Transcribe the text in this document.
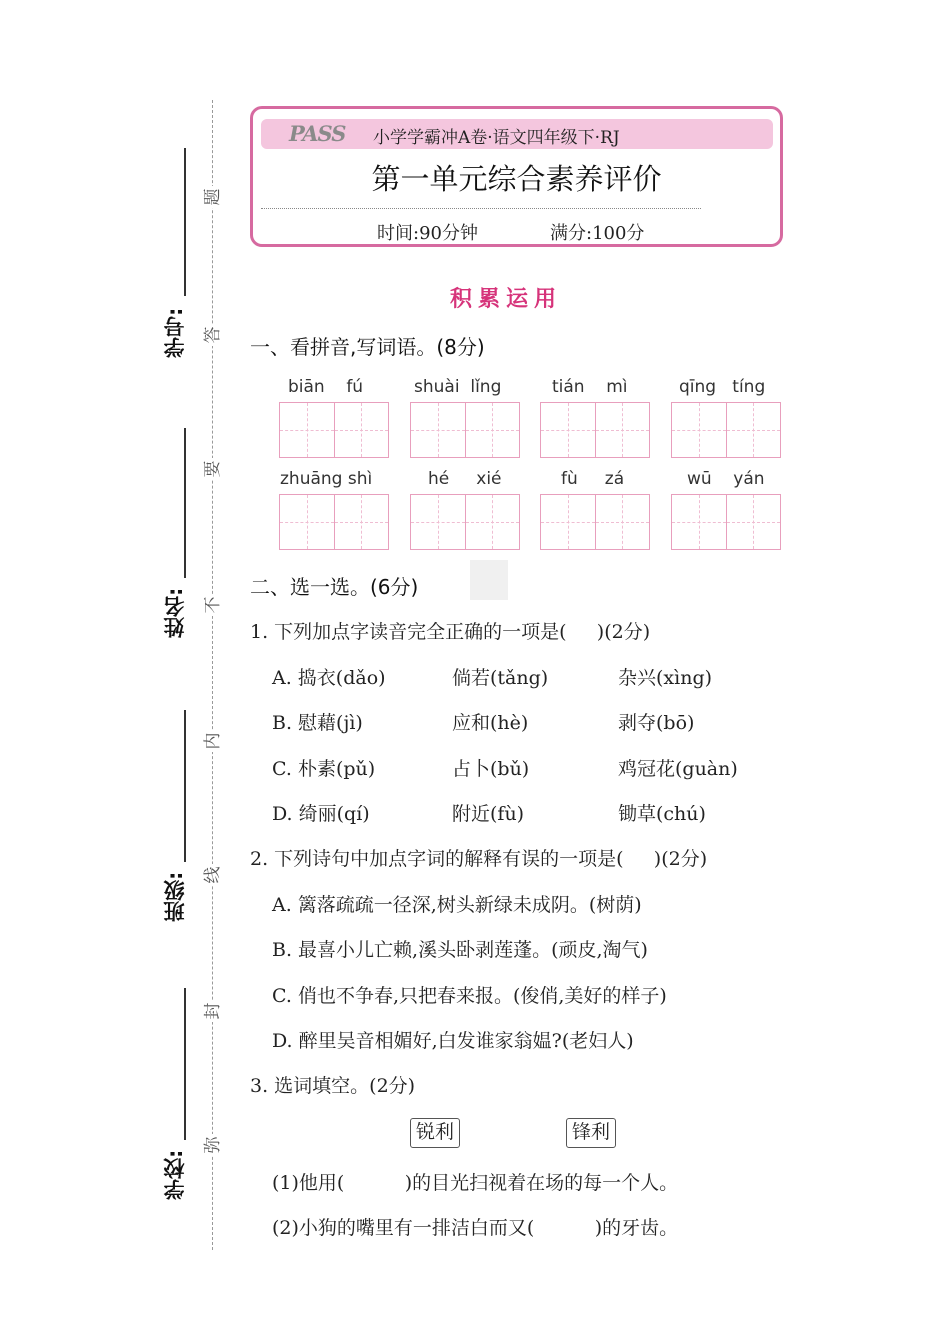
学号:
姓名:
班级:
学校:
题
答
要
不
内
线
封
弥
PASS 小学学霸冲A卷·语文四年级下·RJ
第一单元综合素养评价
时间:90分钟	满分:100分
积累运用
一、看拼音,写词语。(8分)
biān    fú	shuài  lǐng	tián    mì	qīng   tíng
zhuāng shì	hé     xié	fù     zá	wū    yán
二、选一选。(6分)
1. 下列加点字读音完全正确的一项是(     )(2分)
A. 捣衣(dǎo)	倘若(tǎng)	杂兴(xìng)
B. 慰藉(jì)	应和(hè)	剥夺(bō)
C. 朴素(pǔ)	占卜(bǔ)	鸡冠花(guàn)
D. 绮丽(qí)	附近(fù)	锄草(chú)
2. 下列诗句中加点字词的解释有误的一项是(     )(2分)
A. 篱落疏疏一径深,树头新绿未成阴。(树荫)
B. 最喜小儿亡赖,溪头卧剥莲蓬。(顽皮,淘气)
C. 俏也不争春,只把春来报。(俊俏,美好的样子)
D. 醉里吴音相媚好,白发谁家翁媪?(老妇人)
3. 选词填空。(2分)
锐利	锋利
(1)他用(          )的目光扫视着在场的每一个人。
(2)小狗的嘴里有一排洁白而又(          )的牙齿。
